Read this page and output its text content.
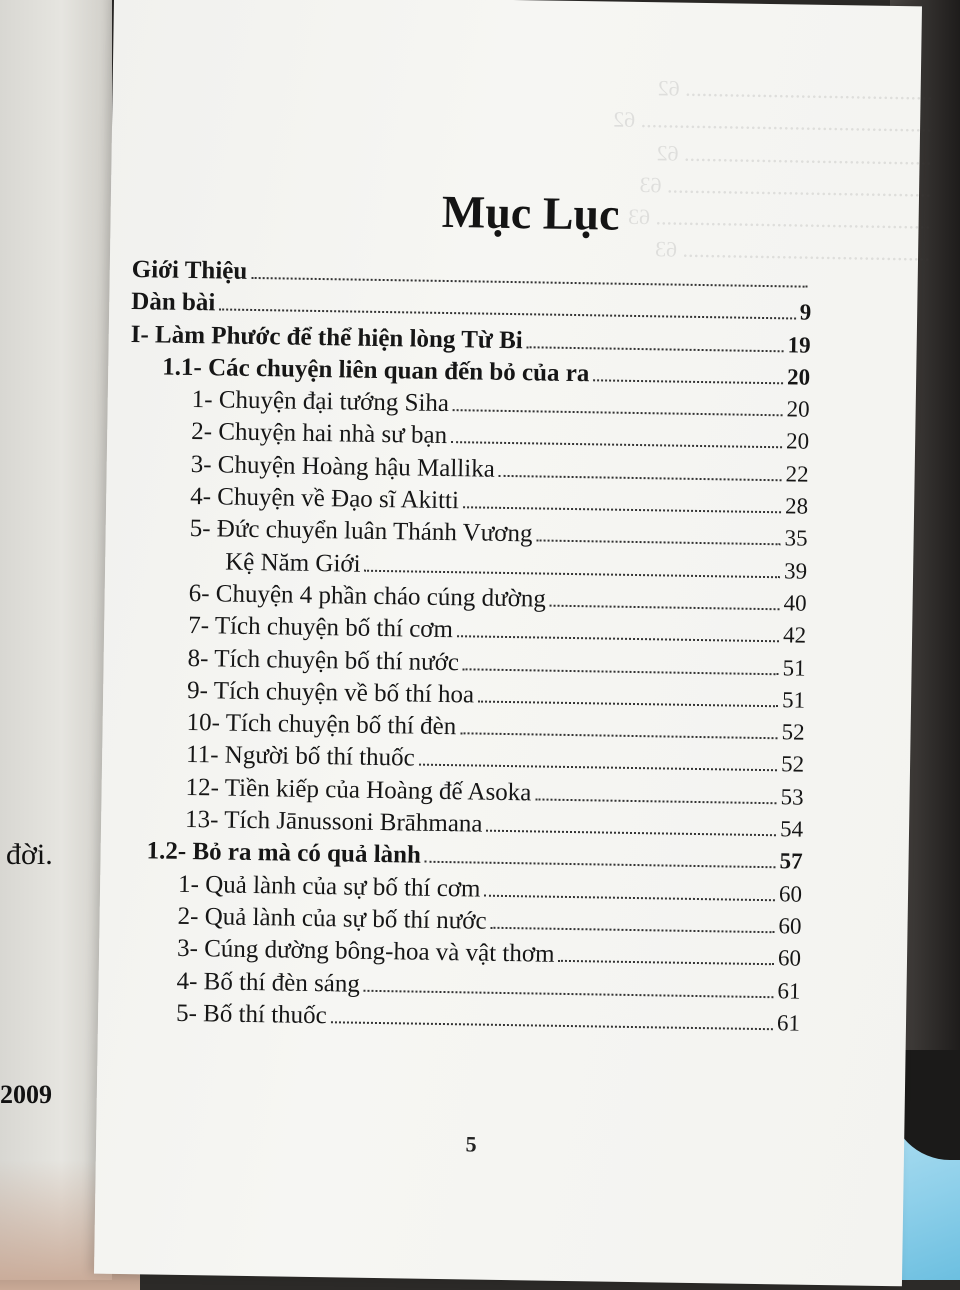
đời.
2009
............................................. 62
..................................................... 62
............................................. 62
................................................ 63
.................................................. 63
............................................. 63
Mục Lục
Giới Thiệu
Dàn bài	9
I- Làm Phước để thể hiện lòng Từ Bi	19
1.1- Các chuyện liên quan đến bỏ của ra	20
1- Chuyện đại tướng Siha	20
2- Chuyện hai nhà sư bạn	20
3- Chuyện Hoàng hậu Mallika	22
4- Chuyện về Đạo sĩ Akitti	28
5- Đức chuyển luân Thánh Vương	35
Kệ Năm Giới	39
6- Chuyện 4 phần cháo cúng dường	40
7- Tích chuyện bố thí cơm	42
8- Tích chuyện bố thí nước	51
9- Tích chuyện về bố thí hoa	51
10- Tích chuyện bố thí đèn	52
11- Người bố thí thuốc	52
12- Tiền kiếp của Hoàng đế Asoka	53
13- Tích Jānussoni Brāhmana	54
1.2- Bỏ ra mà có quả lành	57
1- Quả lành của sự bố thí cơm	60
2- Quả lành của sự bố thí nước	60
3- Cúng dường bông-hoa và vật thơm	60
4- Bố thí đèn sáng	61
5- Bố thí thuốc	61
5
